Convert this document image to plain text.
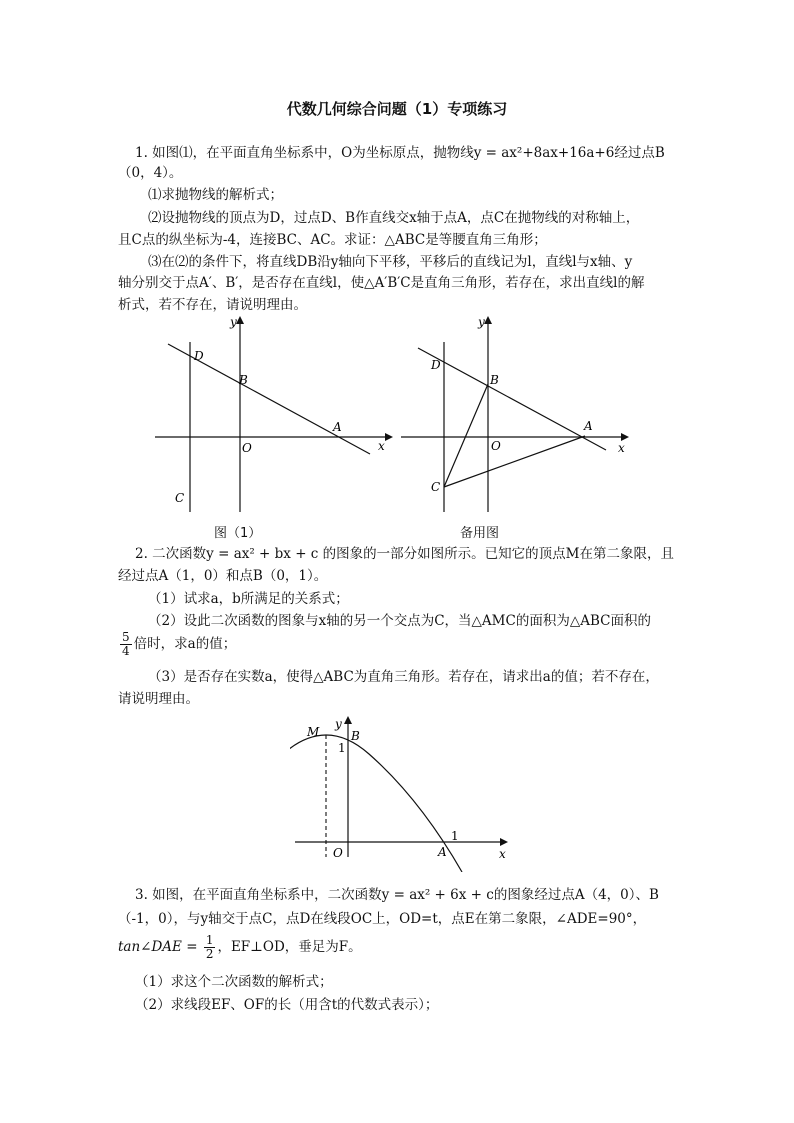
代数几何综合问题（1）专项练习
1. 如图⑴，在平面直角坐标系中，O为坐标原点，抛物线y = ax²+8ax+16a+6经过点B
（0，4）。
⑴求抛物线的解析式；
⑵设抛物线的顶点为D，过点D、B作直线交x轴于点A，点C在抛物线的对称轴上，
且C点的纵坐标为-4，连接BC、AC。求证：△ABC是等腰直角三角形；
⑶在⑵的条件下，将直线DB沿y轴向下平移，平移后的直线记为l，直线l与x轴、y
轴分别交于点A′、B′，是否存在直线l，使△A′B′C是直角三角形，若存在，求出直线l的解
析式，若不存在，请说明理由。
y
x
D
B
A
O
C
图（1）
y
x
D
B
A
O
C
备用图
2. 二次函数y = ax² + bx + c 的图象的一部分如图所示。已知它的顶点M在第二象限，且
经过点A（1，0）和点B（0，1）。
（1）试求a，b所满足的关系式；
（2）设此二次函数的图象与x轴的另一个交点为C，当△AMC的面积为△ABC面积的
$\frac{5}{4}$ 倍时，求a的值；
（3）是否存在实数a，使得△ABC为直角三角形。若存在，请求出a的值；若不存在，
请说明理由。
M
y
B
1
1
O	A	x
3. 如图，在平面直角坐标系中，二次函数y = ax² + 6x + c的图象经过点A（4，0）、B
（-1，0），与y轴交于点C，点D在线段OC上，OD=t，点E在第二象限，∠ADE=90°，
tan∠DAE = $\frac{1}{2}$ ，EF⊥OD，垂足为F。
（1）求这个二次函数的解析式；
（2）求线段EF、OF的长（用含t的代数式表示）；
